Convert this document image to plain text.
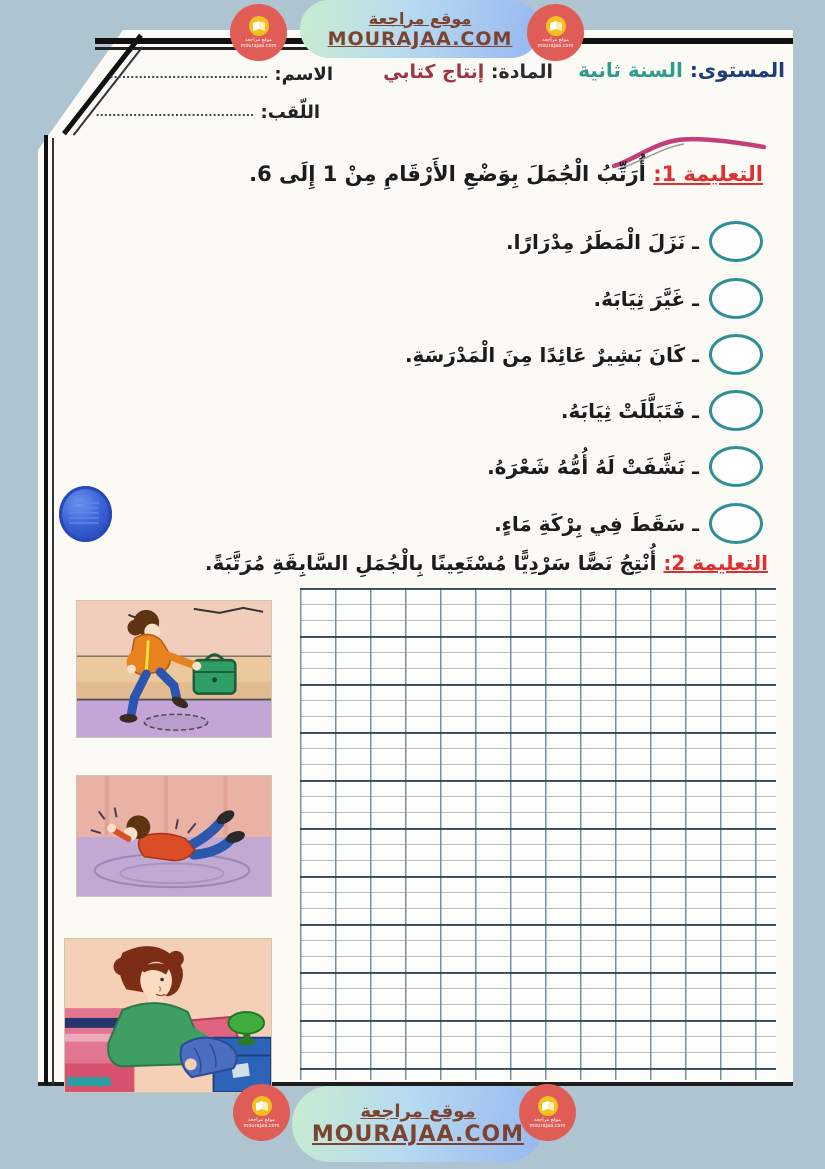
موقع مراجعة
MOURAJAA.COM
موقع مراجعة
mourajaa.com
موقع مراجعة
mourajaa.com
المستوى: السنة ثانية
المادة: إنتاج كتابي
الاسم: ......................................
اللّقب: ......................................
التعليمة 1: أُرَتِّبُ الْجُمَلَ بِوَضْعِ الأَرْقَامِ مِنْ 1 إِلَى 6.
ـ نَزَلَ الْمَطَرُ مِدْرَارًا.
ـ غَيَّرَ ثِيَابَهُ.
ـ كَانَ بَشِيرٌ عَائِدًا مِنَ الْمَدْرَسَةِ.
ـ فَتَبَلَّلَتْ ثِيَابَهُ.
ـ نَشَّفَتْ لَهُ أُمُّهُ شَعْرَهُ.
ـ سَقَطَ فِي بِرْكَةِ مَاءٍ.
التعليمة 2: أُنْتِجُ نَصًّا سَرْدِيًّا مُسْتَعِينًا بِالْجُمَلِ السَّابِقَةِ مُرَتَّبَةً.
موقع مراجعة
MOURAJAA.COM
موقع مراجعة
mourajaa.com
موقع مراجعة
mourajaa.com
